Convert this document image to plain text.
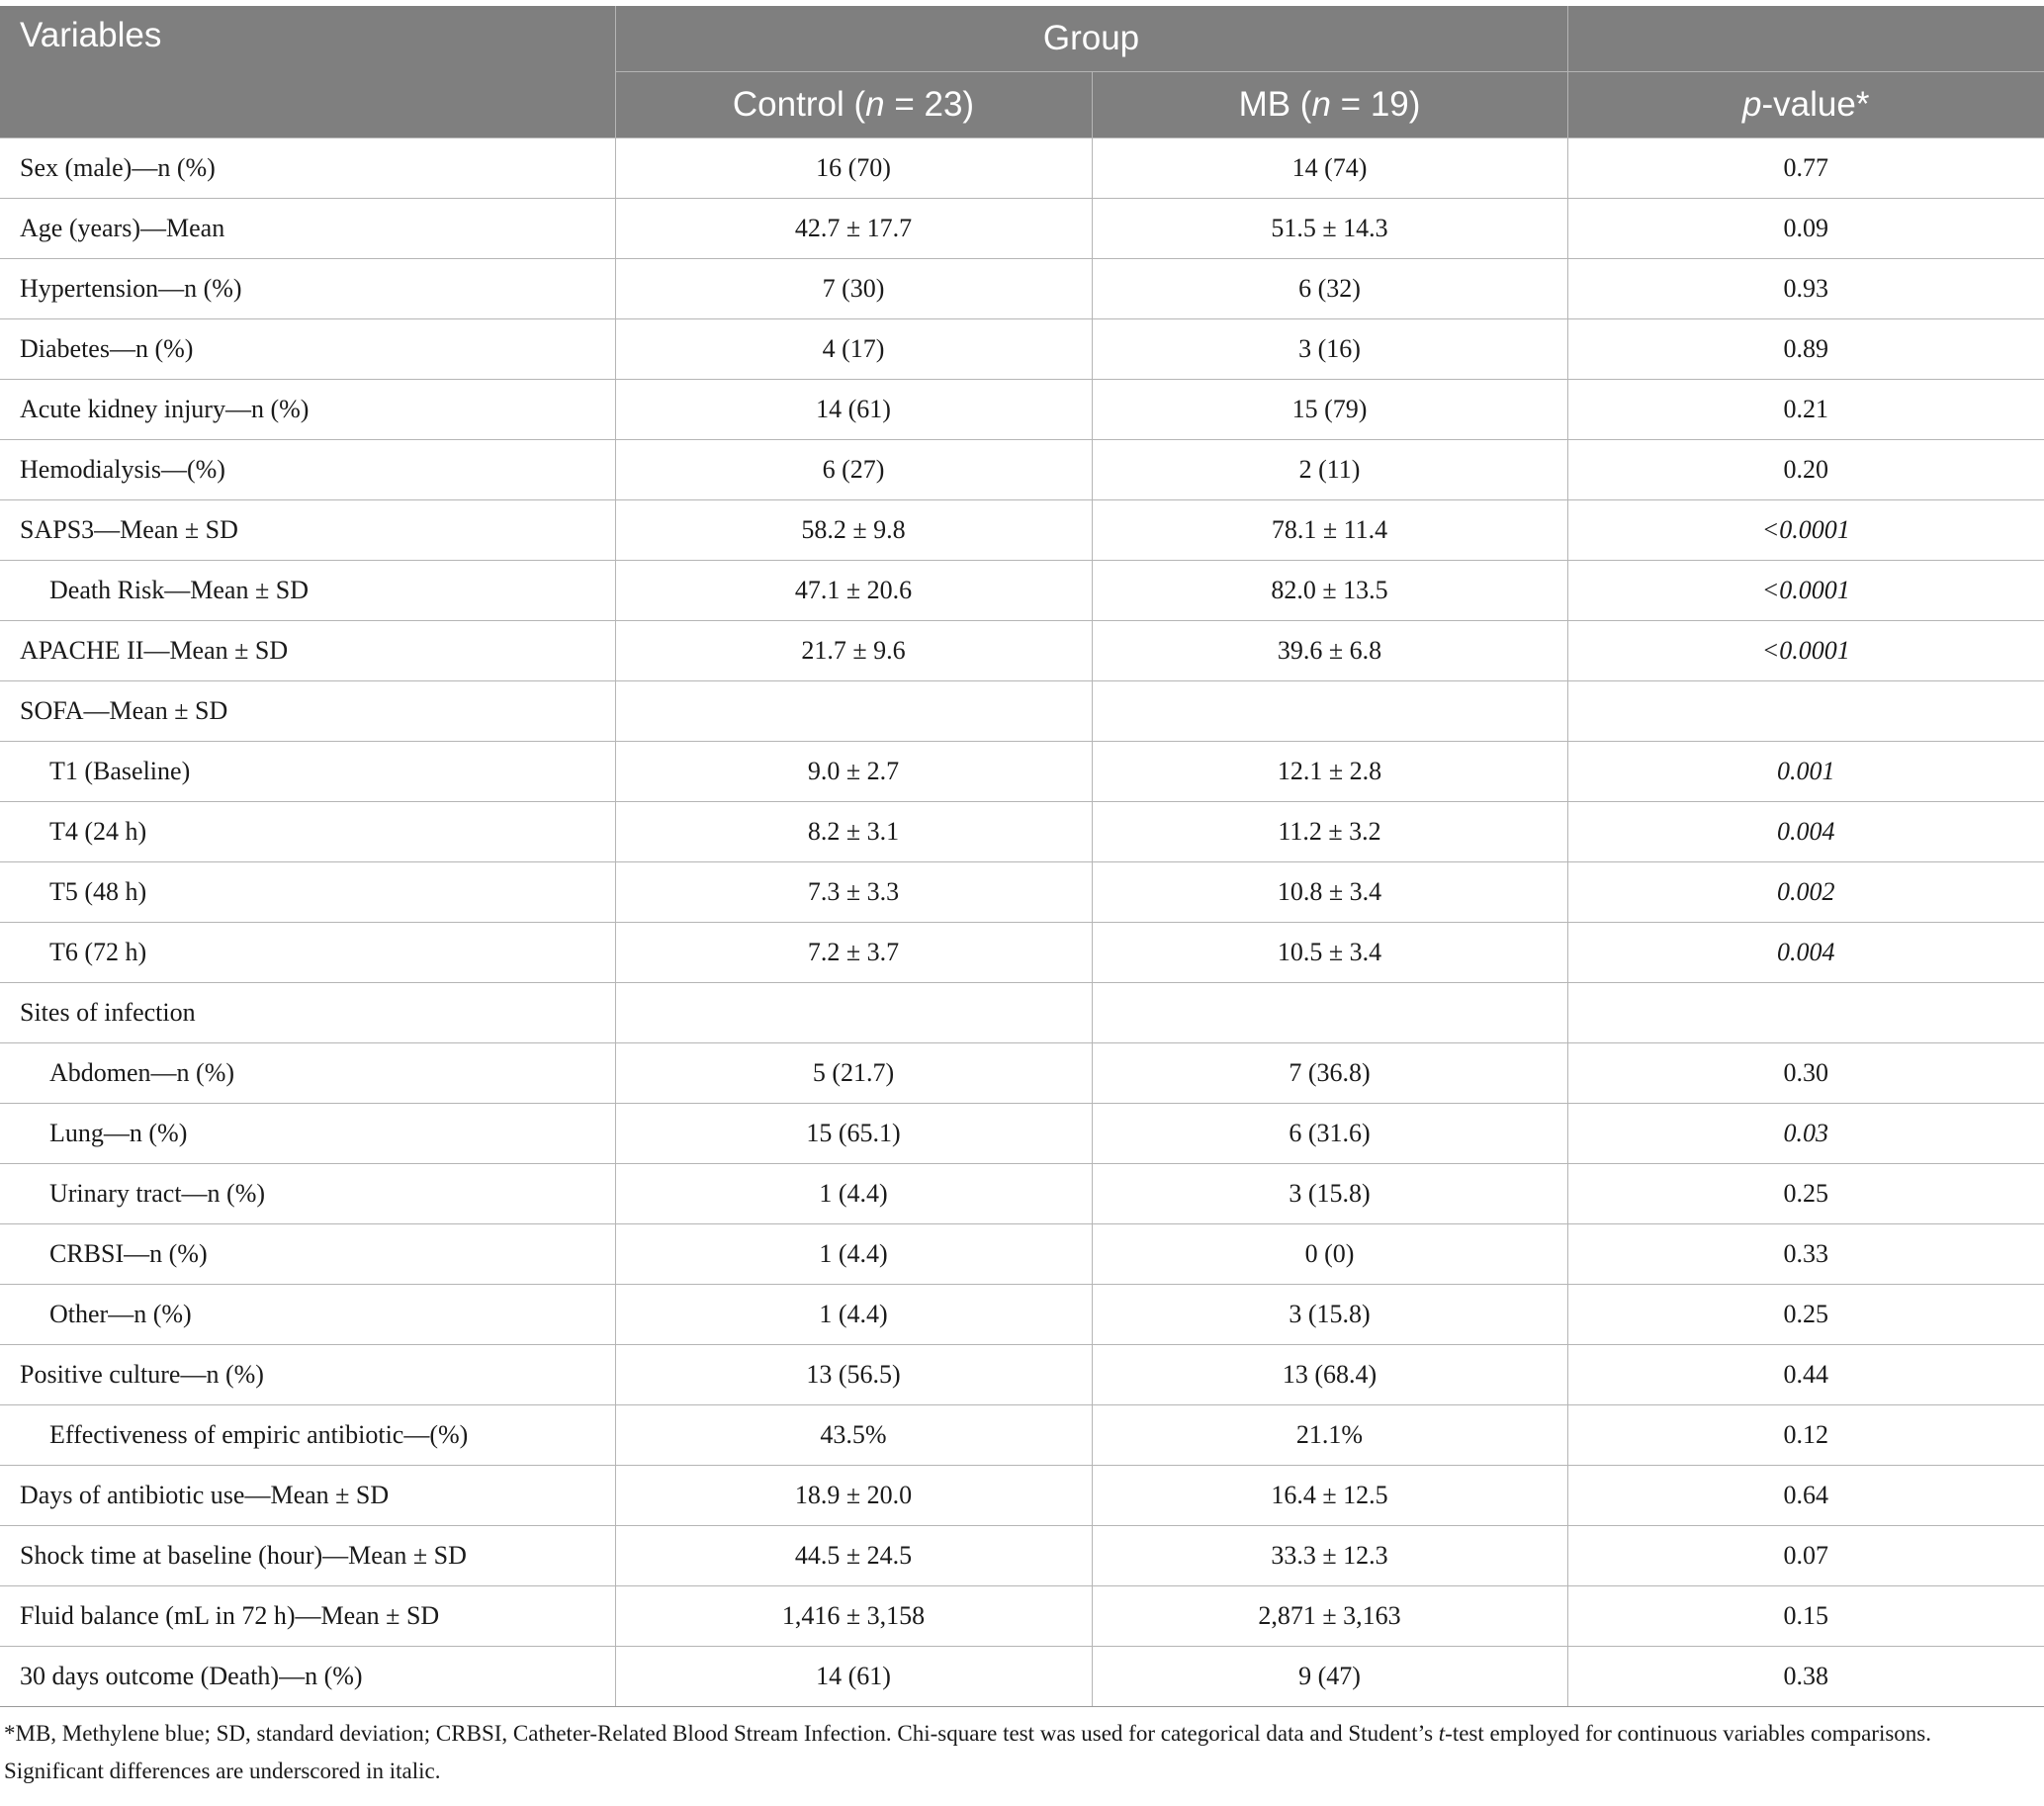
Variables	Group		
	Control (n = 23)	MB (n = 19)	p-value*
Sex (male)—n (%)	16 (70)	14 (74)	0.77
Age (years)—Mean	42.7 ± 17.7	51.5 ± 14.3	0.09
Hypertension—n (%)	7 (30)	6 (32)	0.93
Diabetes—n (%)	4 (17)	3 (16)	0.89
Acute kidney injury—n (%)	14 (61)	15 (79)	0.21
Hemodialysis—(%)	6 (27)	2 (11)	0.20
SAPS3—Mean ± SD	58.2 ± 9.8	78.1 ± 11.4	<0.0001
Death Risk—Mean ± SD	47.1 ± 20.6	82.0 ± 13.5	<0.0001
APACHE II—Mean ± SD	21.7 ± 9.6	39.6 ± 6.8	<0.0001
SOFA—Mean ± SD			
T1 (Baseline)	9.0 ± 2.7	12.1 ± 2.8	0.001
T4 (24 h)	8.2 ± 3.1	11.2 ± 3.2	0.004
T5 (48 h)	7.3 ± 3.3	10.8 ± 3.4	0.002
T6 (72 h)	7.2 ± 3.7	10.5 ± 3.4	0.004
Sites of infection			
Abdomen—n (%)	5 (21.7)	7 (36.8)	0.30
Lung—n (%)	15 (65.1)	6 (31.6)	0.03
Urinary tract—n (%)	1 (4.4)	3 (15.8)	0.25
CRBSI—n (%)	1 (4.4)	0 (0)	0.33
Other—n (%)	1 (4.4)	3 (15.8)	0.25
Positive culture—n (%)	13 (56.5)	13 (68.4)	0.44
Effectiveness of empiric antibiotic—(%)	43.5%	21.1%	0.12
Days of antibiotic use—Mean ± SD	18.9 ± 20.0	16.4 ± 12.5	0.64
Shock time at baseline (hour)—Mean ± SD	44.5 ± 24.5	33.3 ± 12.3	0.07
Fluid balance (mL in 72 h)—Mean ± SD	1,416 ± 3,158	2,871 ± 3,163	0.15
30 days outcome (Death)—n (%)	14 (61)	9 (47)	0.38
*MB, Methylene blue; SD, standard deviation; CRBSI, Catheter-Related Blood Stream Infection. Chi-square test was used for categorical data and Student’s t-test employed for continuous variables comparisons. Significant differences are underscored in italic.
